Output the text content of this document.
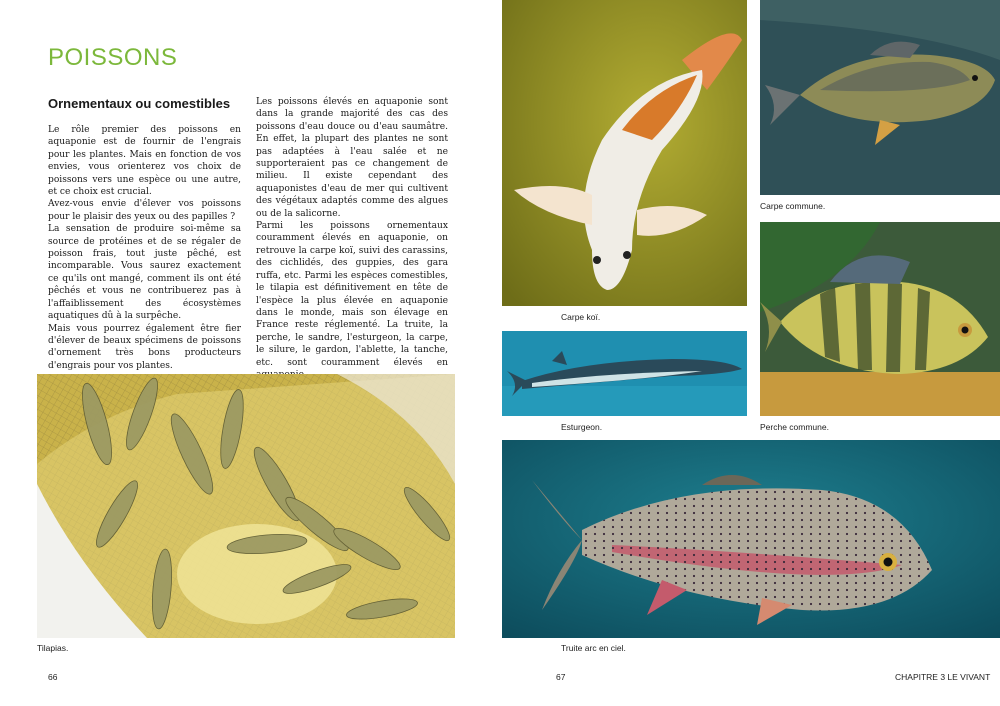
POISSONS
Ornementaux ou comestibles

Le rôle premier des poissons en aquaponie est de fournir de l'engrais pour les plantes. Mais en fonction de vos envies, vous orienterez vos choix de poissons vers une espèce ou une autre, et ce choix est crucial.

Avez-vous envie d'élever vos poissons pour le plaisir des yeux ou des papilles ?

La sensation de produire soi-même sa source de protéines et de se régaler de poisson frais, tout juste pêché, est incomparable. Vous saurez exactement ce qu'ils ont mangé, comment ils ont été pêchés et vous ne contribuerez pas à l'affaiblissement des écosystèmes aquatiques dû à la surpêche.

Mais vous pourrez également être fier d'élever de beaux spécimens de poissons d'ornement très bons producteurs d'engrais pour vos plantes.

Les poissons élevés en aquaponie sont dans la grande majorité des cas des poissons d'eau douce ou d'eau saumâtre. En effet, la plupart des plantes ne sont pas adaptées à l'eau salée et ne supporteraient pas ce changement de milieu. Il existe cependant des aquaponistes d'eau de mer qui cultivent des végétaux adaptés comme des algues ou de la salicorne.

Parmi les poissons ornementaux couramment élevés en aquaponie, on retrouve la carpe koï, suivi des carassins, des cichlidés, des guppies, des gara ruffa, etc. Parmi les espèces comestibles, le tilapia est définitivement en tête de l'espèce la plus élevée en aquaponie dans le monde, mais son élevage en France reste réglementé. La truite, la perche, le sandre, l'esturgeon, la carpe, le silure, le gardon, l'ablette, la tanche, etc. sont couramment élevés en

Tilapias.
66
Carpe koï.
Carpe commune.
Esturgeon.	Perche commune.
Truite arc en ciel.
67	CHAPITRE 3 LE VIVANT
